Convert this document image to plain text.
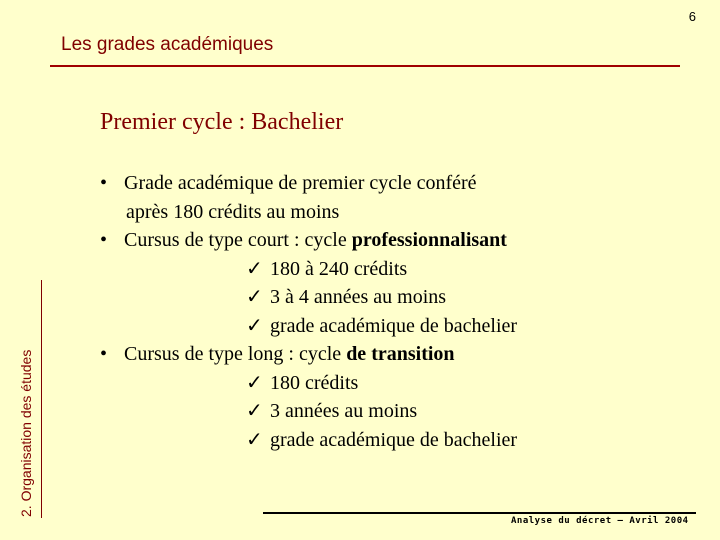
6
Les grades académiques
2. Organisation des études
Premier cycle : Bachelier
• Grade académique de premier cycle conféré
après 180 crédits au moins
• Cursus de type court : cycle professionnalisant
✓ 180 à 240 crédits
✓ 3 à 4 années au moins
✓ grade académique de bachelier
• Cursus de type long : cycle de transition
✓ 180 crédits
✓ 3 années au moins
✓ grade académique de bachelier
Analyse du décret – Avril 2004
